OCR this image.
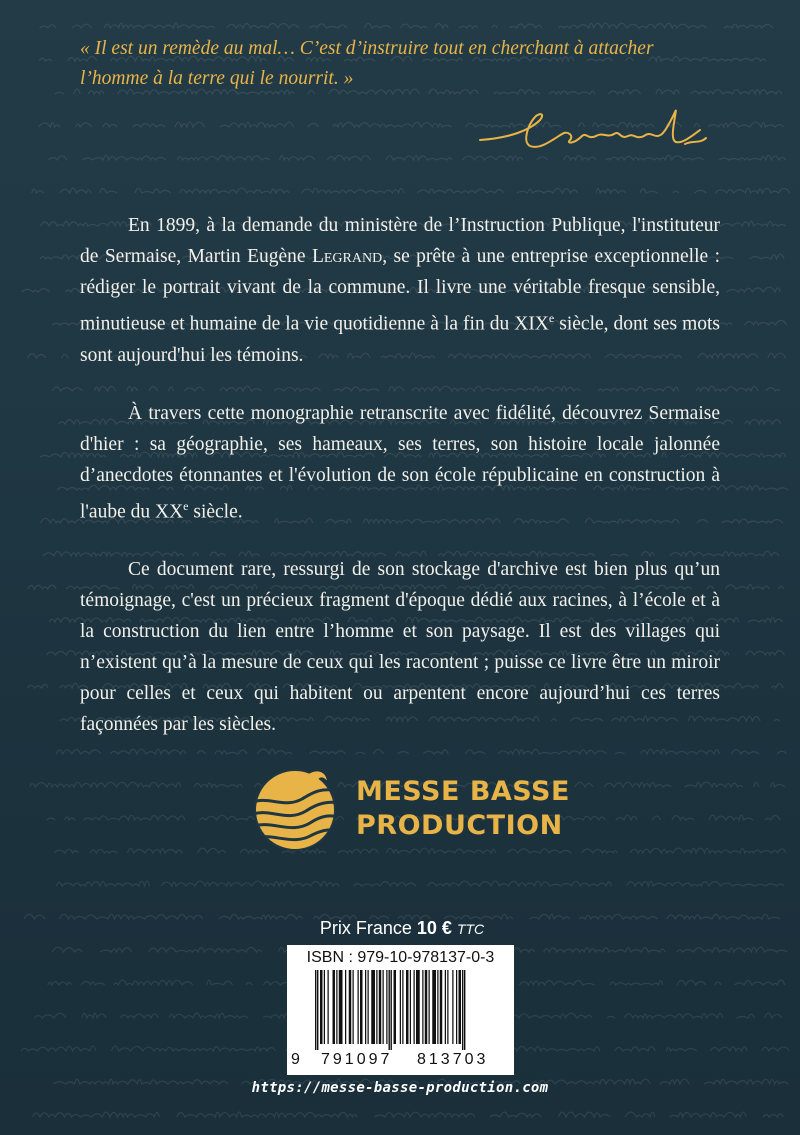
« Il est un remède au mal… C’est d’instruire tout en cherchant à attacher

l’homme à la terre qui le nourrit. »

En 1899, à la demande du ministère de l’Instruction Publique, l'instituteur de Sermaise, Martin Eugène Legrand, se prête à une entreprise exceptionnelle : rédiger le portrait vivant de la commune. Il livre une véritable fresque sensible, minutieuse et humaine de la vie quotidienne à la fin du XIXe siècle, dont ses mots sont aujourd'hui les témoins.

À travers cette monographie retranscrite avec fidélité, découvrez Sermaise d'hier : sa géographie, ses hameaux, ses terres, son histoire locale jalonnée d’anecdotes étonnantes et l'évolution de son école républicaine en construction à l'aube du XXe siècle.

Ce document rare, ressurgi de son stockage d'archive est bien plus qu’un témoignage, c'est un précieux fragment d'époque dédié aux racines, à l’école et à la construction du lien entre l’homme et son paysage. Il est des villages qui n’existent qu’à la mesure de ceux qui les racontent ; puisse ce livre être un miroir pour celles et ceux qui habitent ou arpentent encore aujourd’hui ces terres façonnées par les siècles.

MESSE BASSE
PRODUCTION
Prix France 10 € TTC
ISBN : 979-10-978137-0-3
9 791097 813703
https://messe-basse-production.com
